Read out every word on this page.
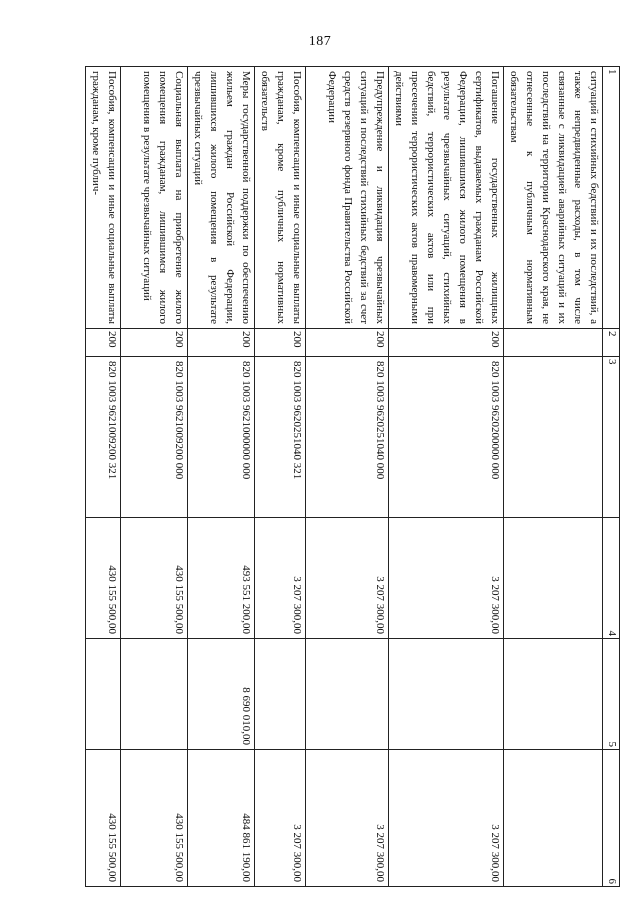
187
1	2	3	4	5	6
ситуаций и стихийных бедствий и их последствий, а также непредвиденные расходы, в том числе связанные с ликвидацией аварийных ситуаций и их последствий на территории Краснодарского края, не отнесенные к публичным нормативным обязательствам					
Погашение государственных жилищных сертификатов, выдаваемых гражданам Российской Федерации, лишившимся жилого помещения в результате чрезвычайных ситуаций, стихийных бедствий, террористических актов или при пресечении террористических актов правомерными действиями	200	820 1003 9620200000 000	3 207 300,00		3 207 300,00
Предупреждение и ликвидация чрезвычайных ситуаций и последствий стихийных бедствий за счет средств резервного фонда Правительства Российской Федерации	200	820 1003 9620251040 000	3 207 300,00		3 207 300,00
Пособия, компенсации и иные социальные выплаты гражданам, кроме публичных нормативных обязательств	200	820 1003 9620251040 321	3 207 300,00		3 207 300,00
Меры государственной поддержки по обеспечению жильем граждан Российской Федерации, лишившихся жилого помещения в результате чрезвычайных ситуаций	200	820 1003 9621000000 000	493 551 200,00	8 690 010,00	484 861 190,00
Социальная выплата на приобретение жилого помещения гражданам, лишившимся жилого помещения в результате чрезвычайных ситуаций	200	820 1003 9621009200 000	430 155 500,00		430 155 500,00
Пособия, компенсации и иные социальные выплаты гражданам, кроме публич-	200	820 1003 9621009200 321	430 155 500,00		430 155 500,00
